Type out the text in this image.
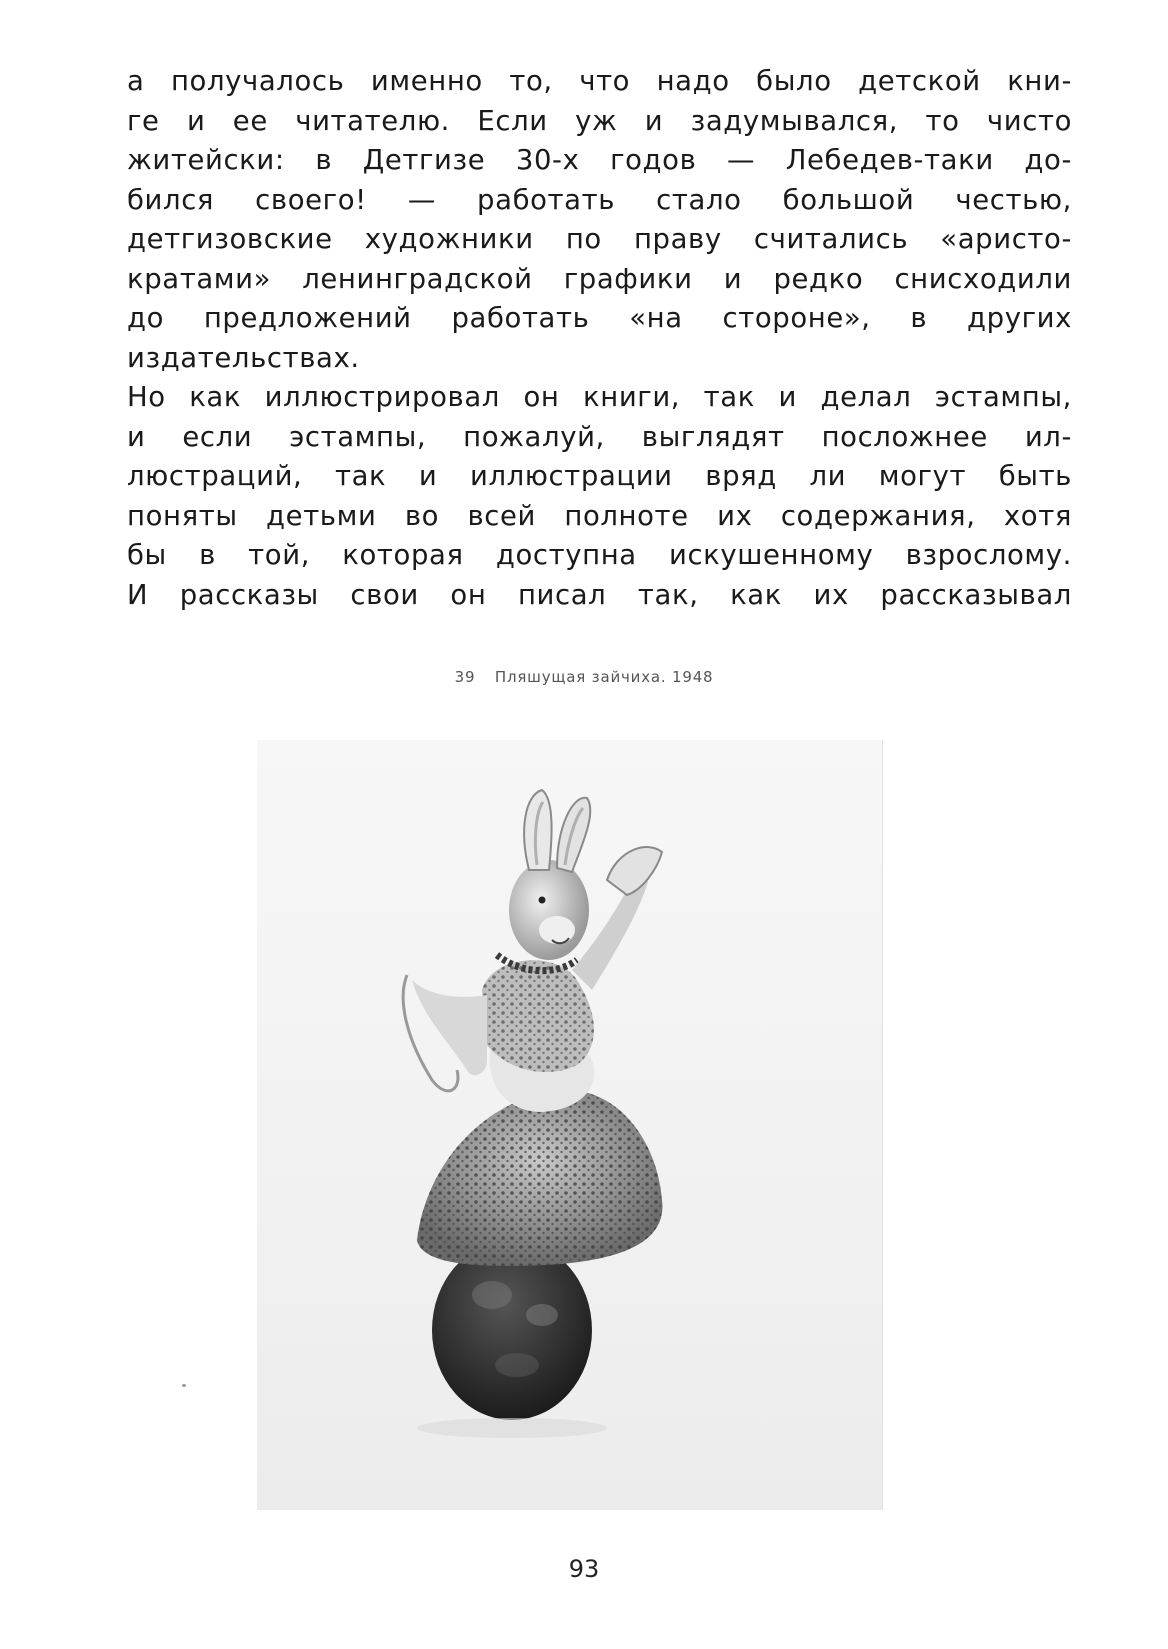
а получалось именно то, что надо было детской кни-
ге и ее читателю. Если уж и задумывался, то чисто
житейски: в Детгизе 30-х годов — Лебедев-таки до-
бился своего! — работать стало большой честью,
детгизовские художники по праву считались «аристо-
кратами» ленинградской графики и редко снисходили
до предложений работать «на стороне», в других
издательствах.
Но как иллюстрировал он книги, так и делал эстампы,
и если эстампы, пожалуй, выглядят посложнее ил-
люстраций, так и иллюстрации вряд ли могут быть
поняты детьми во всей полноте их содержания, хотя
бы в той, которая доступна искушенному взрослому.
И рассказы свои он писал так, как их рассказывал
39 Пляшущая зайчиха. 1948
93
